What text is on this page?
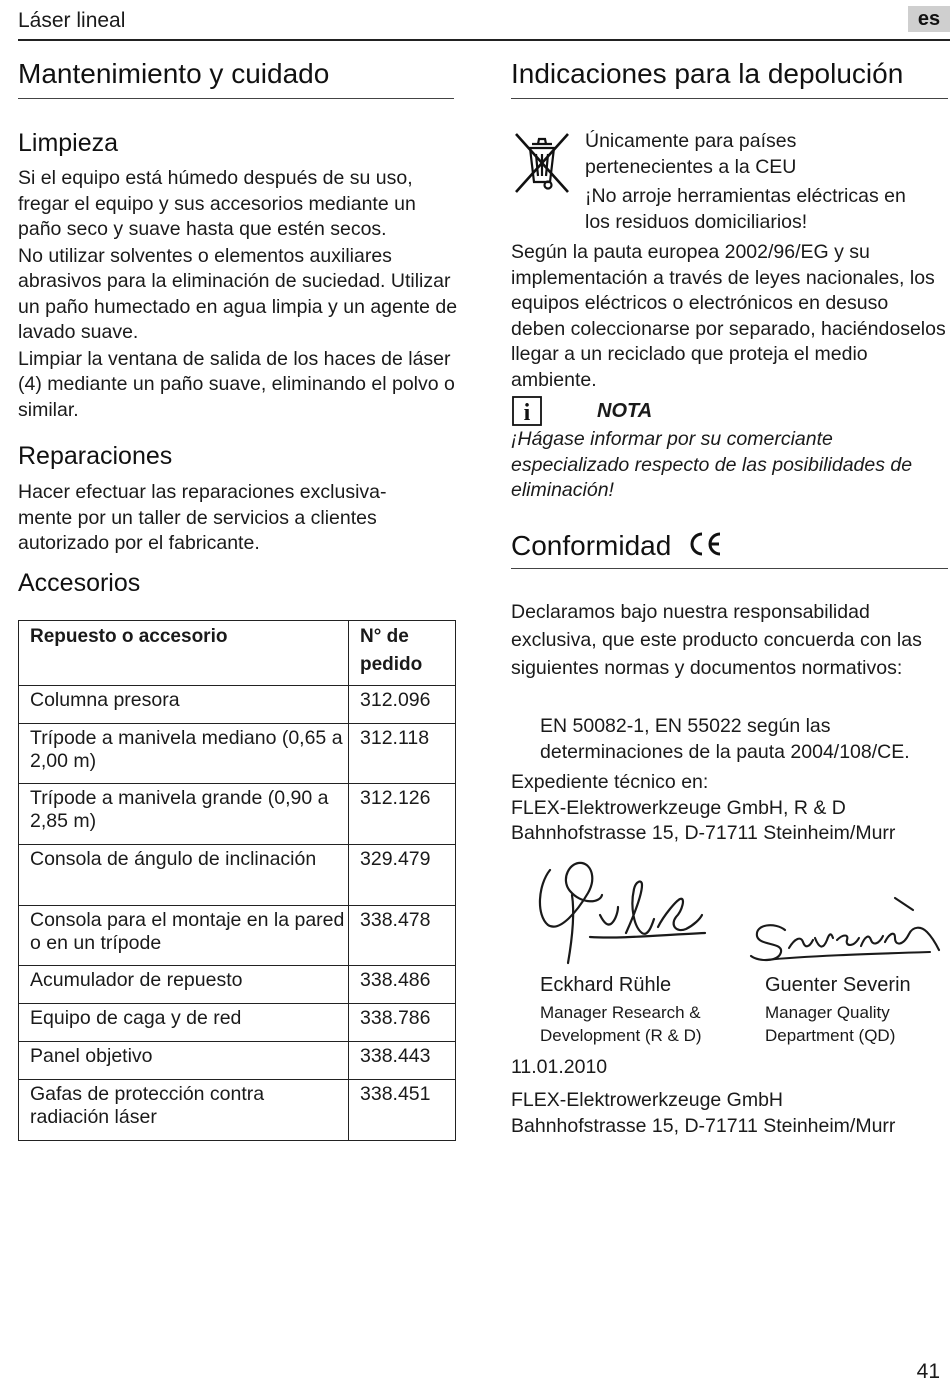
Láser lineal	es
Mantenimiento y cuidado
Limpieza

Si el equipo está húmedo después de su uso, fregar el equipo y sus accesorios mediante un paño seco y suave hasta que estén secos.

No utilizar solventes o elementos auxiliares abrasivos para la eliminación de suciedad. Utilizar un paño humectado en agua limpia y un agente de lavado suave.

Limpiar la ventana de salida de los haces de láser (4) mediante un paño suave, eliminando el polvo o similar.

Reparaciones

Hacer efectuar las reparaciones exclusiva-mente por un taller de servicios a clientes autorizado por el fabricante.

Accesorios
Repuesto o accesorio	N° de pedido
Columna presora	312.096
Trípode a manivela mediano (0,65 a 2,00 m)	312.118
Trípode a manivela grande (0,90 a 2,85 m)	312.126
Consola de ángulo de inclinación	329.479
Consola para el montaje en la pared o en un trípode	338.478
Acumulador de repuesto	338.486
Equipo de caga y de red	338.786
Panel objetivo	338.443
Gafas de protección contra radiación láser	338.451
Indicaciones para la depolución

Únicamente para países pertenecientes a la CEU

¡No arroje herramientas eléctricas en los residuos domiciliarios!

Según la pauta europea 2002/96/EG y su implementación a través de leyes nacionales, los equipos eléctricos o electrónicos en desuso deben coleccionarse por separado, haciéndoselos llegar a un reciclado que proteja el medio ambiente.

i	NOTA

¡Hágase informar por su comerciante especializado respecto de las posibilidades de eliminación!

Conformidad

Declaramos bajo nuestra responsabilidad exclusiva, que este producto concuerda con las siguientes normas y documentos normativos:

EN 50082-1, EN 55022 según las determinaciones de la pauta 2004/108/CE.

Expediente técnico en:

FLEX-Elektrowerkzeuge GmbH, R & D

Bahnhofstrasse 15, D-71711 Steinheim/Murr

Eckhard Rühle
Manager Research &
Development (R & D)
Guenter Severin
Manager Quality
Department (QD)

11.01.2010

FLEX-Elektrowerkzeuge GmbH

Bahnhofstrasse 15, D-71711 Steinheim/Murr

41
